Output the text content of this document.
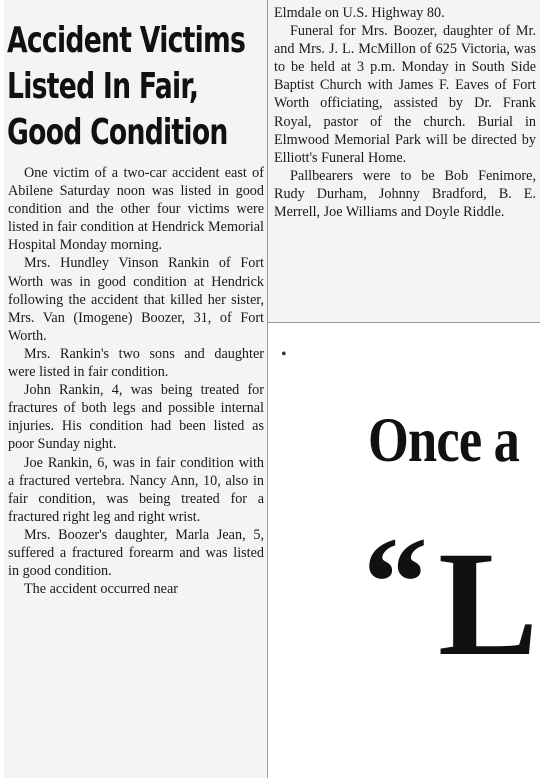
Accident Victims
Listed In Fair,
Good Condition

One victim of a two-car accident east of Abilene Saturday noon was listed in good condition and the other four victims were listed in fair condition at Hendrick Memorial Hospital Monday morning.

Mrs. Hundley Vinson Rankin of Fort Worth was in good condition at Hendrick following the accident that killed her sister, Mrs. Van (Imogene) Boozer, 31, of Fort Worth.

Mrs. Rankin's two sons and daughter were listed in fair condition.

John Rankin, 4, was being treated for fractures of both legs and possible internal injuries. His condition had been listed as poor Sunday night.

Joe Rankin, 6, was in fair condition with a fractured vertebra. Nancy Ann, 10, also in fair condition, was being treated for a fractured right leg and right wrist.

Mrs. Boozer's daughter, Marla Jean, 5, suffered a fractured forearm and was listed in good condition.

The accident occurred near

Elmdale on U.S. Highway 80.

Funeral for Mrs. Boozer, daughter of Mr. and Mrs. J. L. McMillon of 625 Victoria, was to be held at 3 p.m. Monday in South Side Baptist Church with James F. Eaves of Fort Worth officiating, assisted by Dr. Frank Royal, pastor of the church. Burial in Elmwood Memorial Park will be directed by Elliott's Funeral Home.

Pallbearers were to be Bob Fenimore, Rudy Durham, Johnny Bradford, B. E. Merrell, Joe Williams and Doyle Riddle.

•
Once a
“L
